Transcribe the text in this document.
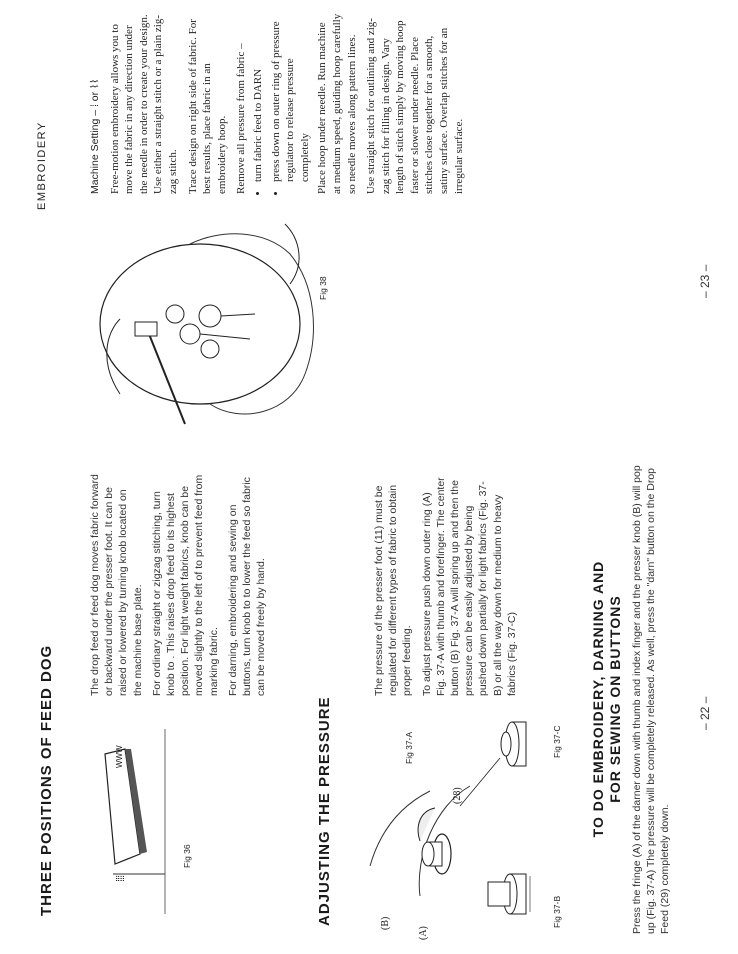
THREE POSITIONS OF FEED DOG	Fig 36
⁞⁞⁞
WWW

The drop feed or feed dog moves fabric forward or backward under the presser foot. It can be raised or lowered by turning knob located on the machine base plate. For ordinary straight or zigzag stitching, turn knob to . This raises drop feed to its highest position. For light weight fabrics, knob can be moved slightly to the left of to prevent feed from marking fabric. For darning, embroidering and sewing on buttons, turn knob to to lower the feed so fabric can be moved freely by hand.

ADJUSTING THE PRESSURE	(B)
(A)
(28)
Fig 37-A
Fig 37-B
Fig 37-C

The pressure of the presser foot (11) must be regulated for different types of fabric to obtain proper feeding. To adjust pressure push down outer ring (A) Fig. 37-A with thumb and forefinger. The center button (B) Fig. 37-A will spring up and then the pressure can be easily adjusted by being pushed down partially for light fabrics (Fig. 37-B) or all the way down for medium to heavy fabrics (Fig. 37-C)	TO DO EMBROIDERY, DARNING AND FOR SEWING ON BUTTONS Press the fringe (A) of the darner down with thumb and index finger and the presser knob (B) will pop up (Fig. 37-A) The pressure will be completely released. As well, press the "darn" button on the Drop Feed (29) completely down.
– 22 –
EMBROIDERY
Fig 38

Machine Setting – ⁞ or ⌇⌇ Free-motion embroidery allows you to move the fabric in any direction under the needle in order to create your design. Use either a straight stitch or a plain zig-zag stitch. Trace design on right side of fabric. For best results, place fabric in an embroidery hoop. Remove all pressure from fabric – • turn fabric feed to DARN • press down on outer ring of pressure regulator to release pressure completely Place hoop under needle. Run machine at medium speed, guiding hoop carefully so needle moves along pattern lines. Use straight stitch for outlining and zig-zag stitch for filling in design. Vary length of stitch simply by moving hoop faster or slower under needle. Place stitches close together for a smooth, satiny surface. Overlap stitches for an irregular surface.

– 23 –
